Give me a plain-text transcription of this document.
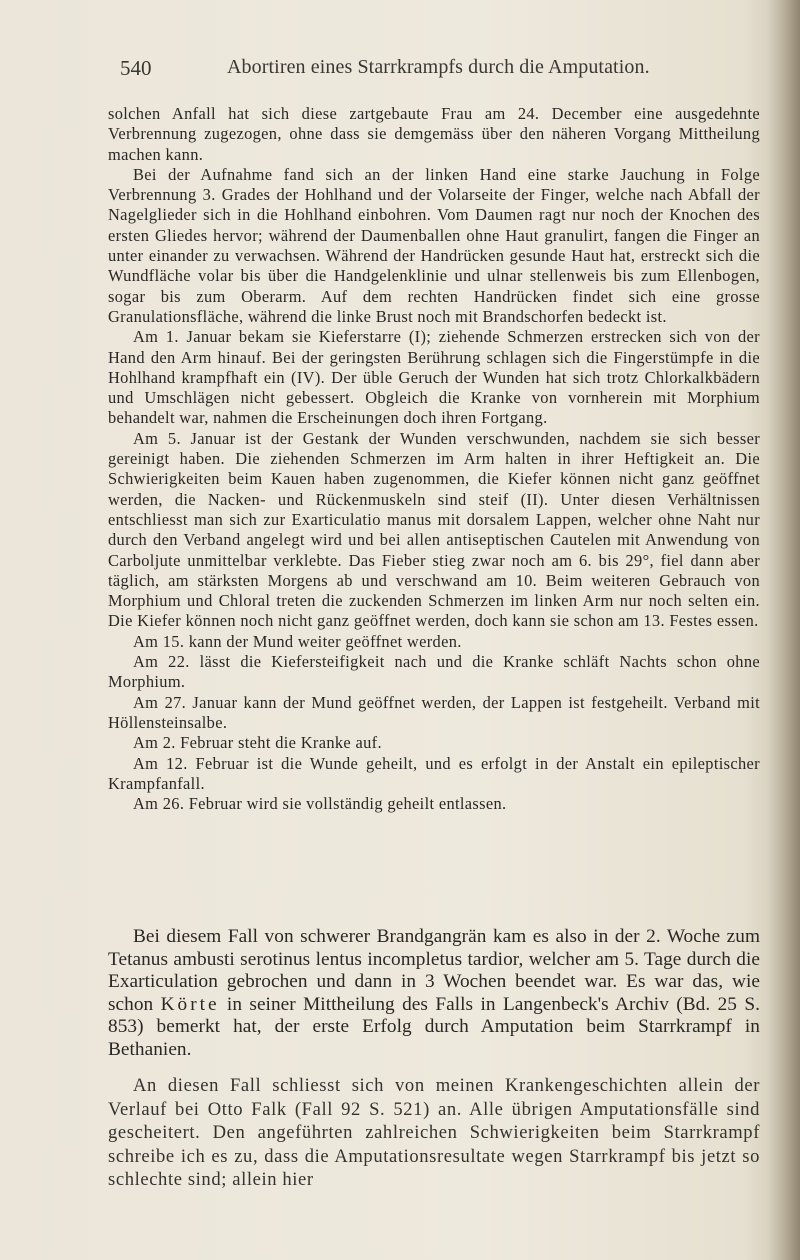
540	Abortiren eines Starrkrampfs durch die Amputation.

solchen Anfall hat sich diese zartgebaute Frau am 24. December eine ausgedehnte Verbrennung zugezogen, ohne dass sie demgemäss über den näheren Vorgang Mittheilung machen kann.

Bei der Aufnahme fand sich an der linken Hand eine starke Jauchung in Folge Verbrennung 3. Grades der Hohlhand und der Volarseite der Finger, welche nach Abfall der Nagelglieder sich in die Hohlhand einbohren. Vom Daumen ragt nur noch der Knochen des ersten Gliedes hervor; während der Daumenballen ohne Haut granulirt, fangen die Finger an unter einander zu verwachsen. Während der Handrücken gesunde Haut hat, erstreckt sich die Wundfläche volar bis über die Handgelenklinie und ulnar stellenweis bis zum Ellenbogen, sogar bis zum Oberarm. Auf dem rechten Handrücken findet sich eine grosse Granulationsfläche, während die linke Brust noch mit Brandschorfen bedeckt ist.

Am 1. Januar bekam sie Kieferstarre (I); ziehende Schmerzen erstrecken sich von der Hand den Arm hinauf. Bei der geringsten Berührung schlagen sich die Fingerstümpfe in die Hohlhand krampfhaft ein (IV). Der üble Geruch der Wunden hat sich trotz Chlorkalkbädern und Umschlägen nicht gebessert. Obgleich die Kranke von vornherein mit Morphium behandelt war, nahmen die Erscheinungen doch ihren Fortgang.

Am 5. Januar ist der Gestank der Wunden verschwunden, nachdem sie sich besser gereinigt haben. Die ziehenden Schmerzen im Arm halten in ihrer Heftigkeit an. Die Schwierigkeiten beim Kauen haben zugenommen, die Kiefer können nicht ganz geöffnet werden, die Nacken- und Rückenmuskeln sind steif (II). Unter diesen Verhältnissen entschliesst man sich zur Exarticulatio manus mit dorsalem Lappen, welcher ohne Naht nur durch den Verband angelegt wird und bei allen antiseptischen Cautelen mit Anwendung von Carboljute unmittelbar verklebte. Das Fieber stieg zwar noch am 6. bis 29°, fiel dann aber täglich, am stärksten Morgens ab und verschwand am 10. Beim weiteren Gebrauch von Morphium und Chloral treten die zuckenden Schmerzen im linken Arm nur noch selten ein. Die Kiefer können noch nicht ganz geöffnet werden, doch kann sie schon am 13. Festes essen.

Am 15. kann der Mund weiter geöffnet werden.

Am 22. lässt die Kiefersteifigkeit nach und die Kranke schläft Nachts schon ohne Morphium.

Am 27. Januar kann der Mund geöffnet werden, der Lappen ist festgeheilt. Verband mit Höllensteinsalbe.

Am 2. Februar steht die Kranke auf.

Am 12. Februar ist die Wunde geheilt, und es erfolgt in der Anstalt ein epileptischer Krampfanfall.

Am 26. Februar wird sie vollständig geheilt entlassen.

Bei diesem Fall von schwerer Brandgangrän kam es also in der 2. Woche zum Tetanus ambusti serotinus lentus incompletus tardior, welcher am 5. Tage durch die Exarticulation gebrochen und dann in 3 Wochen beendet war. Es war das, wie schon Körte in seiner Mittheilung des Falls in Langenbeck's Archiv (Bd. 25 S. 853) bemerkt hat, der erste Erfolg durch Amputation beim Starrkrampf in Bethanien.

An diesen Fall schliesst sich von meinen Krankengeschichten allein der Verlauf bei Otto Falk (Fall 92 S. 521) an. Alle übrigen Amputationsfälle sind gescheitert. Den angeführten zahlreichen Schwierigkeiten beim Starrkrampf schreibe ich es zu, dass die Amputationsresultate wegen Starrkrampf bis jetzt so schlechte sind; allein hier
